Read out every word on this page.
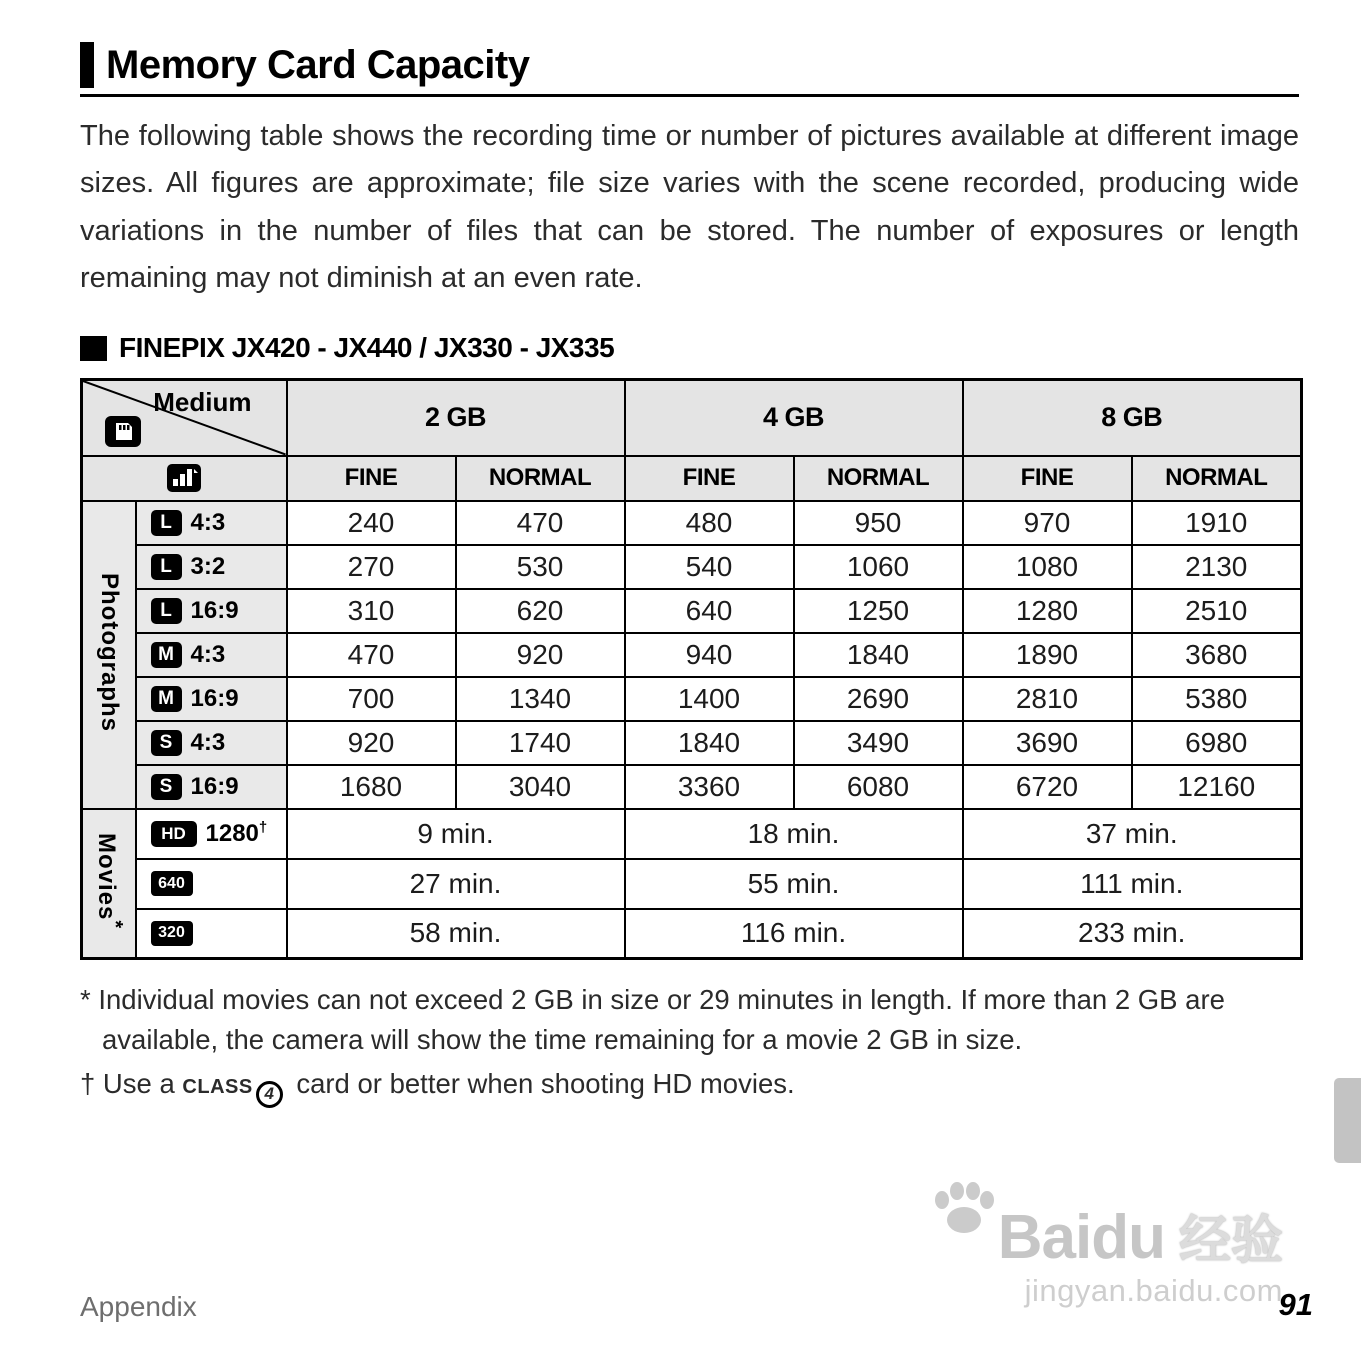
Memory Card Capacity

The following table shows the recording time or number of pictures available at different image sizes. All figures are approximate; file size varies with the scene recorded, producing wide variations in the number of files that can be stored. The number of exposures or length remaining may not diminish at an even rate.

FINEPIX JX420 - JX440 / JX330 - JX335
Medium		2 GB		4 GB		8 GB	
	FINE	NORMAL	FINE	NORMAL	FINE	NORMAL
Photographs	L 4:3	240	470	480	950	970	1910

L 3:2	270	530	540	1060	1080	2130

L 16:9	310	620	640	1250	1280	2510

M 4:3	470	920	940	1840	1890	3680

M 16:9	700	1340	1400	2690	2810	5380

S 4:3	920	1740	1840	3490	3690	6980

S 16:9	1680	3040	3360	6080	6720	12160
Movies*	HD 1280†	9 min.		18 min.		37 min.	

640	27 min.		55 min.		111 min.	

320	58 min.		116 min.		233 min.	

* Individual movies can not exceed 2 GB in size or 29 minutes in length. If more than 2 GB are available, the camera will show the time remaining for a movie 2 GB in size.

† Use a CLASS 4 card or better when shooting HD movies.

Baidu 经验
jingyan.baidu.com
Appendix	91
